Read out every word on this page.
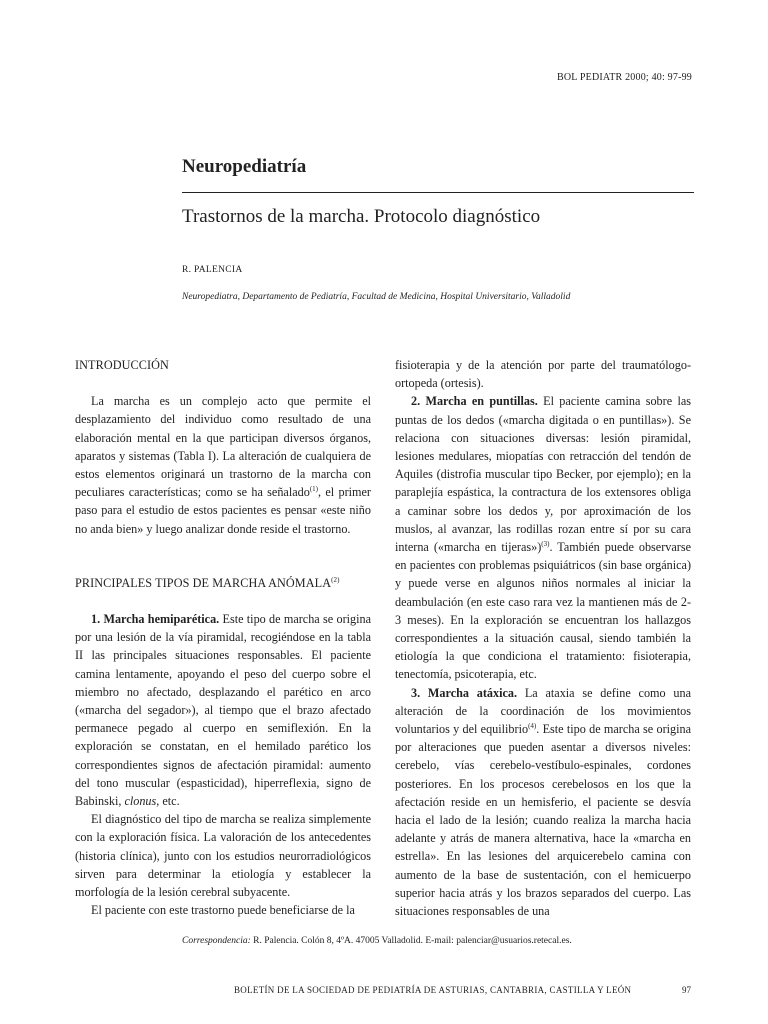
BOL PEDIATR 2000; 40: 97-99
Neuropediatría
Trastornos de la marcha. Protocolo diagnóstico
R. PALENCIA
Neuropediatra, Departamento de Pediatría, Facultad de Medicina, Hospital Universitario, Valladolid
INTRODUCCIÓN

La marcha es un complejo acto que permite el desplazamiento del individuo como resultado de una elaboración mental en la que participan diversos órganos, aparatos y sistemas (Tabla I). La alteración de cualquiera de estos elementos originará un trastorno de la marcha con peculiares características; como se ha señalado$^{(1)}$, el primer paso para el estudio de estos pacientes es pensar «este niño no anda bien» y luego analizar donde reside el trastorno.

PRINCIPALES TIPOS DE MARCHA ANÓMALA$^{(2)}$

1. Marcha hemiparética. Este tipo de marcha se origina por una lesión de la vía piramidal, recogiéndose en la tabla II las principales situaciones responsables. El paciente camina lentamente, apoyando el peso del cuerpo sobre el miembro no afectado, desplazando el parético en arco («marcha del segador»), al tiempo que el brazo afectado permanece pegado al cuerpo en semiflexión. En la exploración se constatan, en el hemilado parético los correspondientes signos de afectación piramidal: aumento del tono muscular (espasticidad), hiperreflexia, signo de Babinski, clonus, etc.

El diagnóstico del tipo de marcha se realiza simplemente con la exploración física. La valoración de los antecedentes (historia clínica), junto con los estudios neurorradiológicos sirven para determinar la etiología y establecer la morfología de la lesión cerebral subyacente.

El paciente con este trastorno puede beneficiarse de la

fisioterapia y de la atención por parte del traumatólogo-ortopeda (ortesis).

2. Marcha en puntillas. El paciente camina sobre las puntas de los dedos («marcha digitada o en puntillas»). Se relaciona con situaciones diversas: lesión piramidal, lesiones medulares, miopatías con retracción del tendón de Aquiles (distrofia muscular tipo Becker, por ejemplo); en la paraplejía espástica, la contractura de los extensores obliga a caminar sobre los dedos y, por aproximación de los muslos, al avanzar, las rodillas rozan entre sí por su cara interna («marcha en tijeras»)$^{(3)}$. También puede observarse en pacientes con problemas psiquiátricos (sin base orgánica) y puede verse en algunos niños normales al iniciar la deambulación (en este caso rara vez la mantienen más de 2-3 meses). En la exploración se encuentran los hallazgos correspondientes a la situación causal, siendo también la etiología la que condiciona el tratamiento: fisioterapia, tenectomía, psicoterapia, etc.

3. Marcha atáxica. La ataxia se define como una alteración de la coordinación de los movimientos voluntarios y del equilibrio$^{(4)}$. Este tipo de marcha se origina por alteraciones que pueden asentar a diversos niveles: cerebelo, vías cerebelo-vestíbulo-espinales, cordones posteriores. En los procesos cerebelosos en los que la afectación reside en un hemisferio, el paciente se desvía hacia el lado de la lesión; cuando realiza la marcha hacia adelante y atrás de manera alternativa, hace la «marcha en estrella». En las lesiones del arquicerebelo camina con aumento de la base de sustentación, con el hemicuerpo superior hacia atrás y los brazos separados del cuerpo. Las situaciones responsables de una

Correspondencia: R. Palencia. Colón 8, 4ºA. 47005 Valladolid. E-mail: palenciar@usuarios.retecal.es.
BOLETÍN DE LA SOCIEDAD DE PEDIATRÍA DE ASTURIAS, CANTABRIA, CASTILLA Y LEÓN	97
